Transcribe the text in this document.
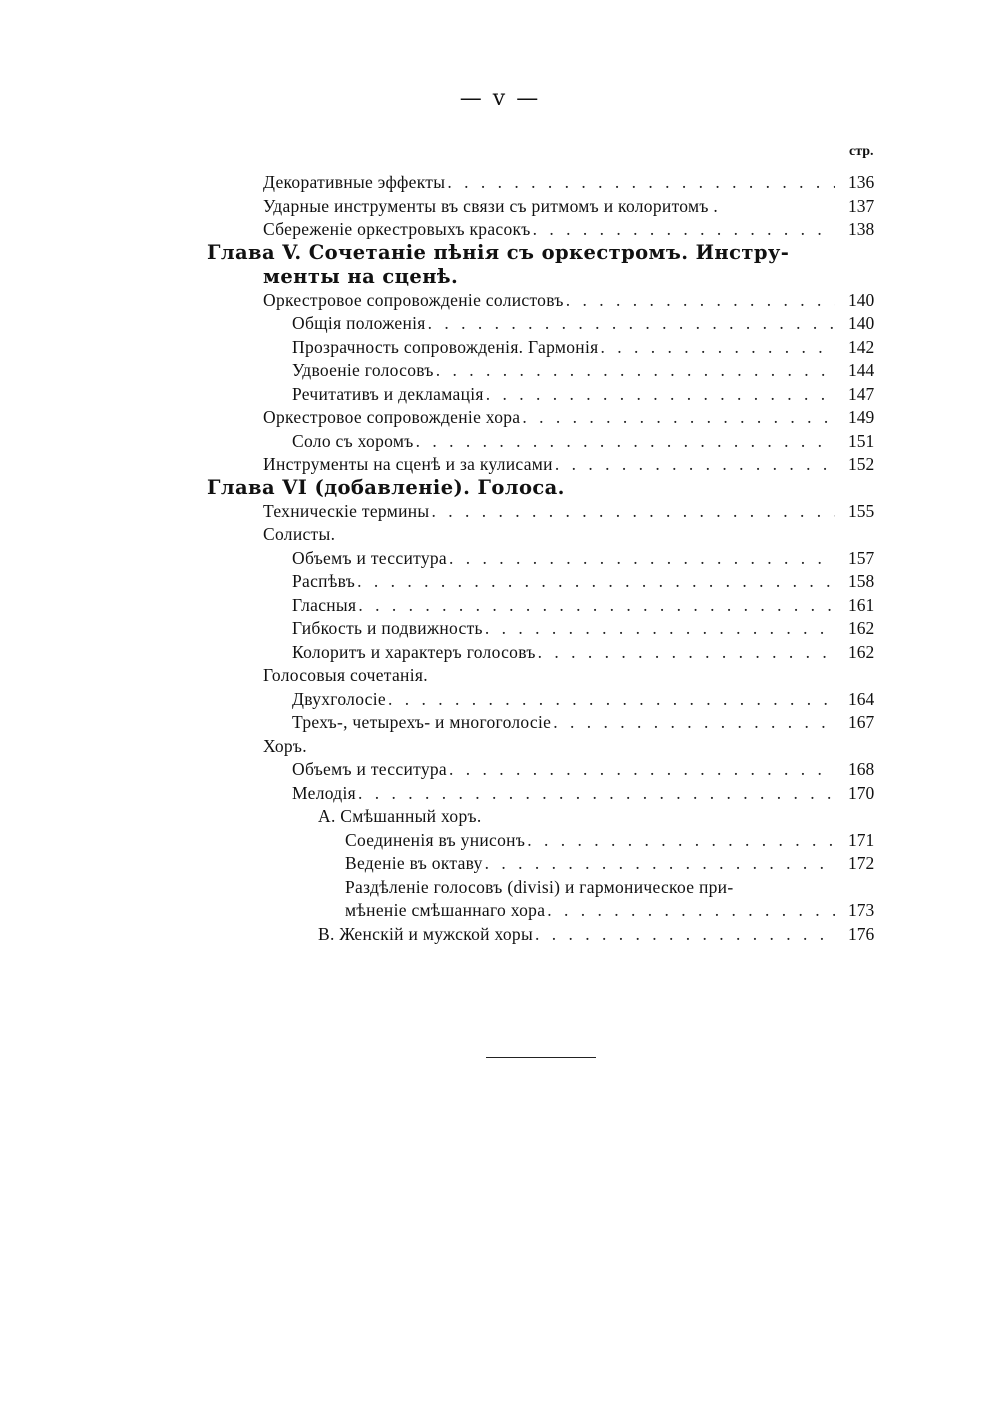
— v —
стр.
Декоративные эффекты . . .	136
Ударные инструменты въ связи съ ритмомъ и колоритомъ .	137
Сбереженіе оркестровыхъ красокъ . . .	138
Глава V. Сочетаніе пѣнія съ оркестромъ. Инстру-
менты на сценѣ.
Оркестровое сопровожденіе солистовъ . . .	140
Общія положенія . . .	140
Прозрачность сопровожденія. Гармонія . . .	142
Удвоеніе голосовъ . . .	144
Речитативъ и декламація . . .	147
Оркестровое сопровожденіе хора . . .	149
Соло съ хоромъ . . .	151
Инструменты на сценѣ и за кулисами . . .	152
Глава VI (добавленіе). Голоса.
Техническіе термины . . .	155
Солисты.
Объемъ и тесситура . . .	157
Распѣвъ . . .	158
Гласныя . . .	161
Гибкость и подвижность . . .	162
Колоритъ и характеръ голосовъ . . .	162
Голосовыя сочетанія.
Двухголосіе . . .	164
Трехъ-, четырехъ- и многоголосіе . . .	167
Хоръ.
Объемъ и тесситура . . .	168
Мелодія . . .	170
А. Смѣшанный хоръ.
Соединенія въ унисонъ . . .	171
Веденіе въ октаву . . .	172
Раздѣленіе голосовъ (divisi) и гармоническое при-
мѣненіе смѣшаннаго хора . . .	173
В. Женскій и мужской хоры . . .	176
